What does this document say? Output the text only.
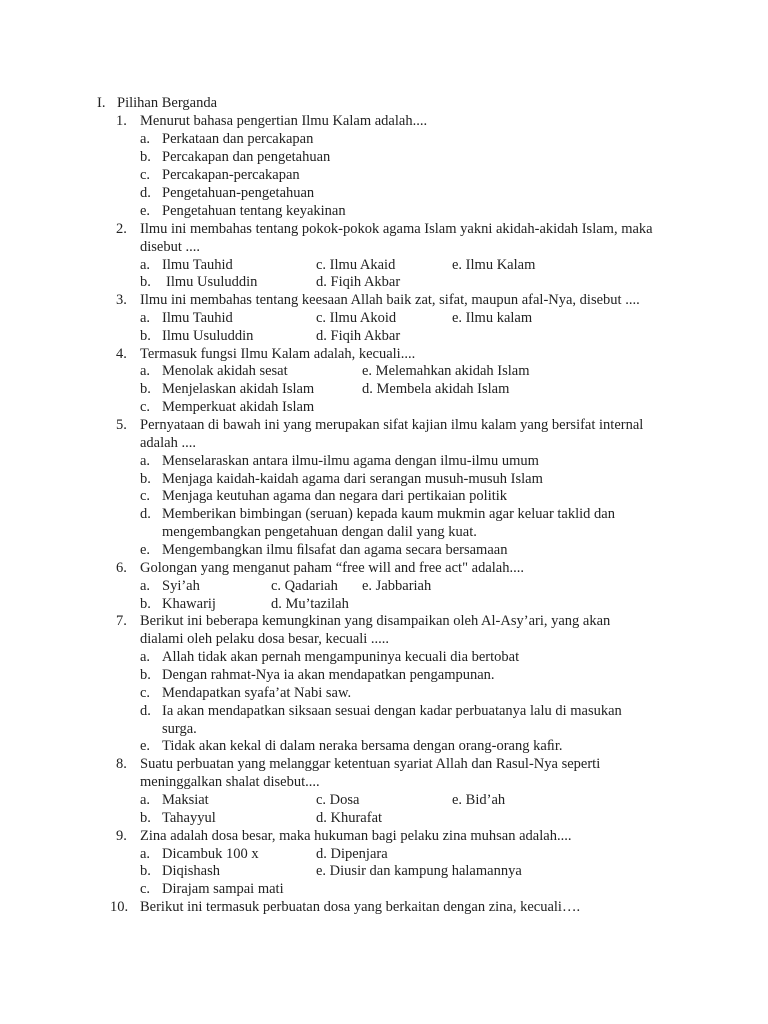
I. Pilihan Berganda
1. Menurut bahasa pengertian Ilmu Kalam adalah....
a. Perkataan dan percakapan
b. Percakapan dan pengetahuan
c. Percakapan-percakapan
d. Pengetahuan-pengetahuan
e. Pengetahuan tentang keyakinan
2. Ilmu ini membahas tentang pokok-pokok agama Islam yakni akidah-akidah Islam, maka
disebut ....
a. Ilmu Tauhid	c. Ilmu Akaid	e. Ilmu Kalam
b. Ilmu Usuluddin	d. Fiqih Akbar
3. Ilmu ini membahas tentang keesaan Allah baik zat, sifat, maupun afal-Nya, disebut ....
a. Ilmu Tauhid	c. Ilmu Akoid	e. Ilmu kalam
b. Ilmu Usuluddin	d. Fiqih Akbar
4. Termasuk fungsi Ilmu Kalam adalah, kecuali....
a. Menolak akidah sesat	e. Melemahkan akidah Islam
b. Menjelaskan akidah Islam	d. Membela akidah Islam
c. Memperkuat akidah Islam
5. Pernyataan di bawah ini yang merupakan sifat kajian ilmu kalam yang bersifat internal
adalah ....
a. Menselaraskan antara ilmu-ilmu agama dengan ilmu-ilmu umum
b. Menjaga kaidah-kaidah agama dari serangan musuh-musuh Islam
c. Menjaga keutuhan agama dan negara dari pertikaian politik
d. Memberikan bimbingan (seruan) kepada kaum mukmin agar keluar taklid dan
mengembangkan pengetahuan dengan dalil yang kuat.
e. Mengembangkan ilmu ﬁlsafat dan agama secara bersamaan
6. Golongan yang menganut paham “free will and free act" adalah....
a. Syi’ah	c. Qadariah e. Jabbariah
b. Khawarij	d. Mu’tazilah
7. Berikut ini beberapa kemungkinan yang disampaikan oleh Al-Asy’ari, yang akan
dialami oleh pelaku dosa besar, kecuali .....
a. Allah tidak akan pernah mengampuninya kecuali dia bertobat
b. Dengan rahmat-Nya ia akan mendapatkan pengampunan.
c. Mendapatkan syafa’at Nabi saw.
d. Ia akan mendapatkan siksaan sesuai dengan kadar perbuatanya lalu di masukan
surga.
e. Tidak akan kekal di dalam neraka bersama dengan orang-orang kaﬁr.
8. Suatu perbuatan yang melanggar ketentuan syariat Allah dan Rasul-Nya seperti
meninggalkan shalat disebut....
a. Maksiat	c. Dosa	e. Bid’ah
b. Tahayyul	d. Khurafat
9. Zina adalah dosa besar, maka hukuman bagi pelaku zina muhsan adalah....
a. Dicambuk 100 x	d. Dipenjara
b. Diqishash	e. Diusir dan kampung halamannya
c. Dirajam sampai mati
10. Berikut ini termasuk perbuatan dosa yang berkaitan dengan zina, kecuali….
